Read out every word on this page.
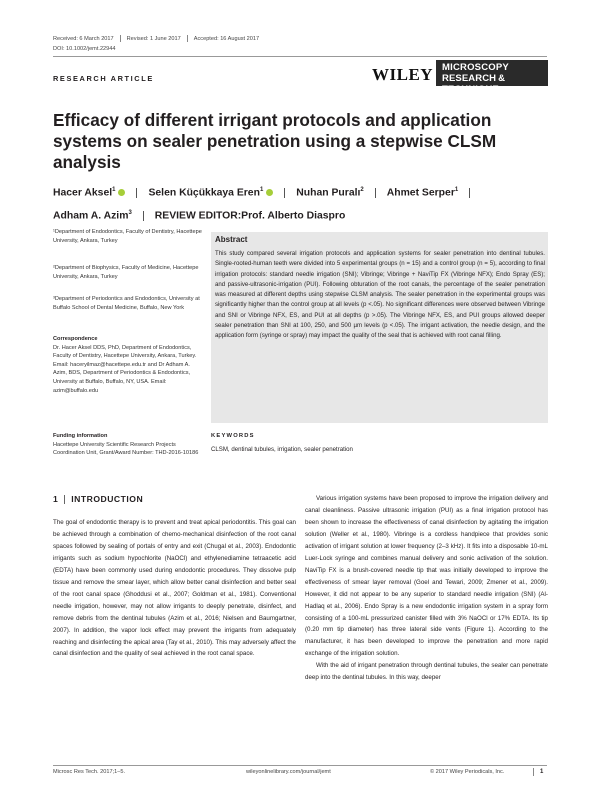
Received: 6 March 2017 Revised: 1 June 2017 Accepted: 16 August 2017
DOI: 10.1002/jemt.22944
RESEARCH ARTICLE	WILEY MICROSCOPY
RESEARCH & TECHNIQUE
Efficacy of different irrigant protocols and application systems on sealer penetration using a stepwise CLSM analysis
Hacer Aksel$^1$	Selen Küçükkaya Eren$^1$	Nuhan Puralı$^2$ Ahmet Serper$^1$
Adham A. Azim$^3$ REVIEW EDITOR:Prof. Alberto Diaspro
¹Department of Endodontics, Faculty of Dentistry, Hacettepe University, Ankara, Turkey
²Department of Biophysics, Faculty of Medicine, Hacettepe University, Ankara, Turkey
³Department of Periodontics and Endodontics, University at Buffalo School of Dental Medicine, Buffalo, New York
Correspondence
Dr. Hacer Aksel DDS, PhD, Department of Endodontics, Faculty of Dentistry, Hacettepe University, Ankara, Turkey. Email: haceryilmaz@hacettepe.edu.tr and Dr Adham A. Azim, BDS, Department of Periodontics & Endodontics, University at Buffalo, Buffalo, NY, USA. Email: azim@buffalo.edu
Funding information
Hacettepe University Scientific Research Projects Coordination Unit, Grant/Award Number: THD-2016-10186
Abstract
This study compared several irrigation protocols and application systems for sealer penetration into dentinal tubules. Single-rooted-human teeth were divided into 5 experimental groups (n = 15) and a control group (n = 5), according to final irrigation protocols: standard needle irrigation (SNI); Vibringe; Vibringe + NaviTip FX (Vibringe NFX); Endo Spray (ES); and passive-ultrasonic-irrigation (PUI). Following obturation of the root canals, the percentage of the sealer penetration was measured at different depths using stepwise CLSM analysis. The sealer penetration in the experimental groups was significantly higher than the control group at all levels (p <.05). No significant differences were observed between Vibringe and SNI or Vibringe NFX, ES, and PUI at all depths (p >.05). The Vibringe NFX, ES, and PUI groups allowed deeper sealer penetration than SNI at 100, 250, and 500 µm levels (p <.05). The irrigant activation, the needle design, and the application form (syringe or spray) may impact the quality of the seal that is achieved with root canal filling.
KEYWORDS
CLSM, dentinal tubules, irrigation, sealer penetration
1 INTRODUCTION

The goal of endodontic therapy is to prevent and treat apical periodontitis. This goal can be achieved through a combination of chemo-mechanical disinfection of the root canal spaces followed by sealing of portals of entry and exit (Chugal et al., 2003). Endodontic irrigants such as sodium hypochlorite (NaOCl) and ethylenediamine tetraacetic acid (EDTA) have been commonly used during endodontic procedures. They dissolve pulp tissue and remove the smear layer, which allow better canal disinfection and better seal of the root canal space (Ghoddusi et al., 2007; Goldman et al., 1981). Conventional needle irrigation, however, may not allow irrigants to deeply penetrate, disinfect, and remove debris from the dentinal tubules (Azim et al., 2016; Nielsen and Baumgartner, 2007). In addition, the vapor lock effect may prevent the irrigants from adequately reaching and disinfecting the apical area (Tay et al., 2010). This may adversely affect the canal disinfection and the quality of seal achieved in the root canal space.

Various irrigation systems have been proposed to improve the irrigation delivery and canal cleanliness. Passive ultrasonic irrigation (PUI) as a final irrigation protocol has been shown to increase the effectiveness of canal disinfection by agitating the irrigation solution (Weller et al., 1980). Vibringe is a cordless handpiece that provides sonic activation of irrigant solution at lower frequency (2–3 kHz). It fits into a disposable 10-mL Luer-Lock syringe and combines manual delivery and sonic activation of the solution. NaviTip FX is a brush-covered needle tip that was initially developed to improve the effectiveness of smear layer removal (Goel and Tewari, 2009; Zmener et al., 2009). However, it did not appear to be any superior to standard needle irrigation (SNI) (Al-Hadlaq et al., 2006). Endo Spray is a new endodontic irrigation system in a spray form consisting of a 100-mL pressurized canister filled with 3% NaOCl or 17% EDTA. Its tip (0.20 mm tip diameter) has three lateral side vents (Figure 1). According to the manufacturer, it has been developed to improve the penetration and more rapid exchange of the irrigation solution.

With the aid of irrigant penetration through dentinal tubules, the sealer can penetrate deep into the dentinal tubules. In this way, deeper

Microsc Res Tech. 2017;1–5.	wileyonlinelibrary.com/journal/jemt	© 2017 Wiley Periodicals, Inc.	1
